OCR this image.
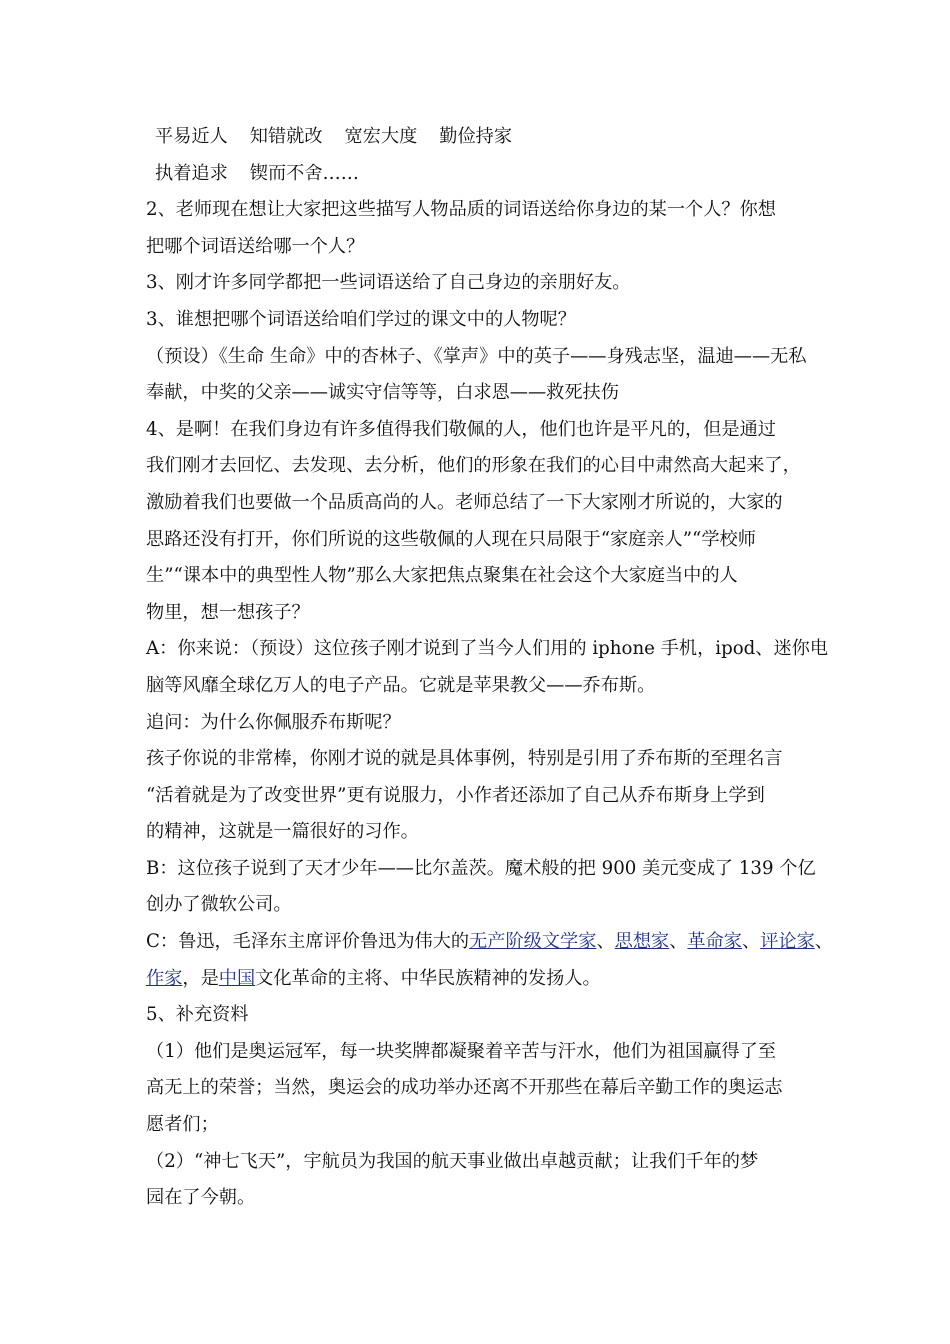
平易近人 知错就改 宽宏大度 勤俭持家
执着追求 锲而不舍……
2、老师现在想让大家把这些描写人物品质的词语送给你身边的某一个人？你想
把哪个词语送给哪一个人？
3、刚才许多同学都把一些词语送给了自己身边的亲朋好友。
3、谁想把哪个词语送给咱们学过的课文中的人物呢？
（预设）《生命 生命》中的杏林子、《掌声》中的英子——身残志坚，温迪——无私
奉献，中奖的父亲——诚实守信等等，白求恩——救死扶伤
4、是啊！在我们身边有许多值得我们敬佩的人，他们也许是平凡的，但是通过
我们刚才去回忆、去发现、去分析，他们的形象在我们的心目中肃然高大起来了，
激励着我们也要做一个品质高尚的人。老师总结了一下大家刚才所说的，大家的
思路还没有打开，你们所说的这些敬佩的人现在只局限于“家庭亲人”“学校师
生”“课本中的典型性人物”那么大家把焦点聚集在社会这个大家庭当中的人
物里，想一想孩子？
A：你来说：（预设）这位孩子刚才说到了当今人们用的 iphone 手机，ipod、迷你电
脑等风靡全球亿万人的电子产品。它就是苹果教父——乔布斯。
追问：为什么你佩服乔布斯呢？
孩子你说的非常棒，你刚才说的就是具体事例，特别是引用了乔布斯的至理名言
“活着就是为了改变世界”更有说服力，小作者还添加了自己从乔布斯身上学到
的精神，这就是一篇很好的习作。
B：这位孩子说到了天才少年——比尔盖茨。魔术般的把 900 美元变成了 139 个亿
创办了微软公司。
C：鲁迅，毛泽东主席评价鲁迅为伟大的无产阶级文学家、思想家、革命家、评论家、
作家，是中国文化革命的主将、中华民族精神的发扬人。
5、补充资料
（1）他们是奥运冠军，每一块奖牌都凝聚着辛苦与汗水，他们为祖国赢得了至
高无上的荣誉；当然，奥运会的成功举办还离不开那些在幕后辛勤工作的奥运志
愿者们；
（2）“神七飞天”，宇航员为我国的航天事业做出卓越贡献；让我们千年的梦
园在了今朝。
